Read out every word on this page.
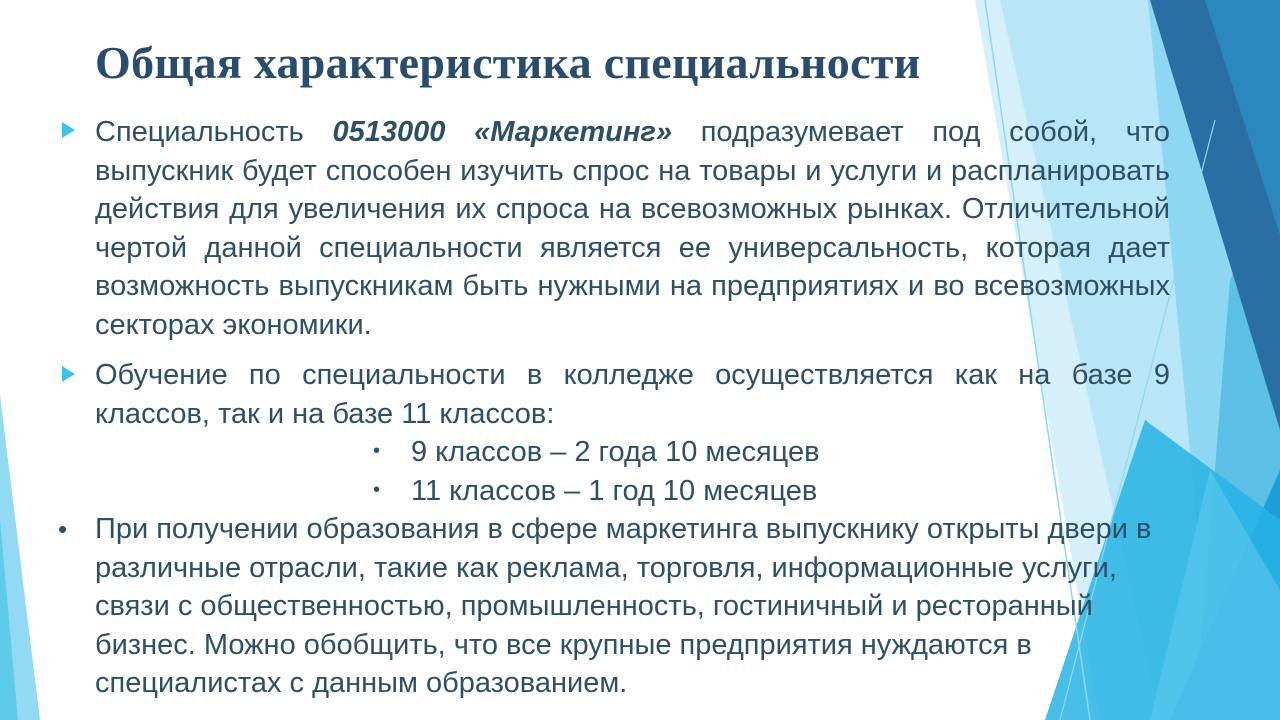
Общая характеристика специальности

Специальность 0513000 «Маркетинг» подразумевает под собой, что выпускник будет способен изучить спрос на товары и услуги и распланировать действия для увеличения их спроса на всевозможных рынках. Отличительной чертой данной специальности является ее универсальность, которая дает возможность выпускникам быть нужными на предприятиях и во всевозможных секторах экономики.

Обучение по специальности в колледже осуществляется как на базе 9 классов, так и на базе 11 классов:

• 9 классов – 2 года 10 месяцев
• 11 классов – 1 год 10 месяцев
• При получении образования в сфере маркетинга выпускнику открыты двери в различные отрасли, такие как реклама, торговля, информационные услуги, связи с общественностью, промышленность, гостиничный и ресторанный бизнес. Можно обобщить, что все крупные предприятия нуждаются в специалистах с данным образованием.
